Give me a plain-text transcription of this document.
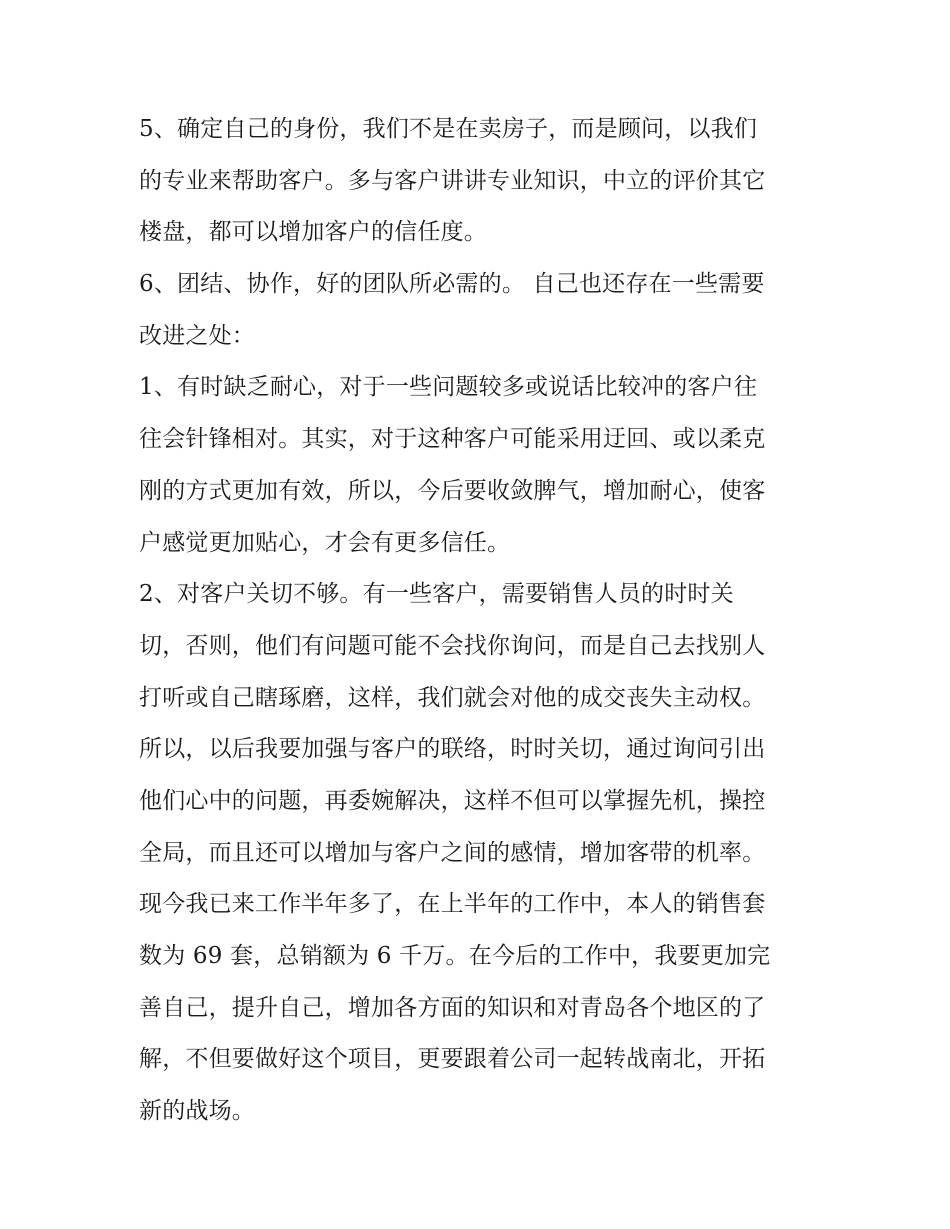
5、确定自己的身份，我们不是在卖房子，而是顾问，以我们
的专业来帮助客户。多与客户讲讲专业知识，中立的评价其它
楼盘，都可以增加客户的信任度。
6、团结、协作，好的团队所必需的。 自己也还存在一些需要
改进之处：
1、有时缺乏耐心，对于一些问题较多或说话比较冲的客户往
往会针锋相对。其实，对于这种客户可能采用迂回、或以柔克
刚的方式更加有效，所以，今后要收敛脾气，增加耐心，使客
户感觉更加贴心，才会有更多信任。
2、对客户关切不够。有一些客户，需要销售人员的时时关
切，否则，他们有问题可能不会找你询问，而是自己去找别人
打听或自己瞎琢磨，这样，我们就会对他的成交丧失主动权。
所以，以后我要加强与客户的联络，时时关切，通过询问引出
他们心中的问题，再委婉解决，这样不但可以掌握先机，操控
全局，而且还可以增加与客户之间的感情，增加客带的机率。
现今我已来工作半年多了，在上半年的工作中，本人的销售套
数为 69 套，总销额为 6 千万。在今后的工作中，我要更加完
善自己，提升自己，增加各方面的知识和对青岛各个地区的了
解，不但要做好这个项目，更要跟着公司一起转战南北，开拓
新的战场。
